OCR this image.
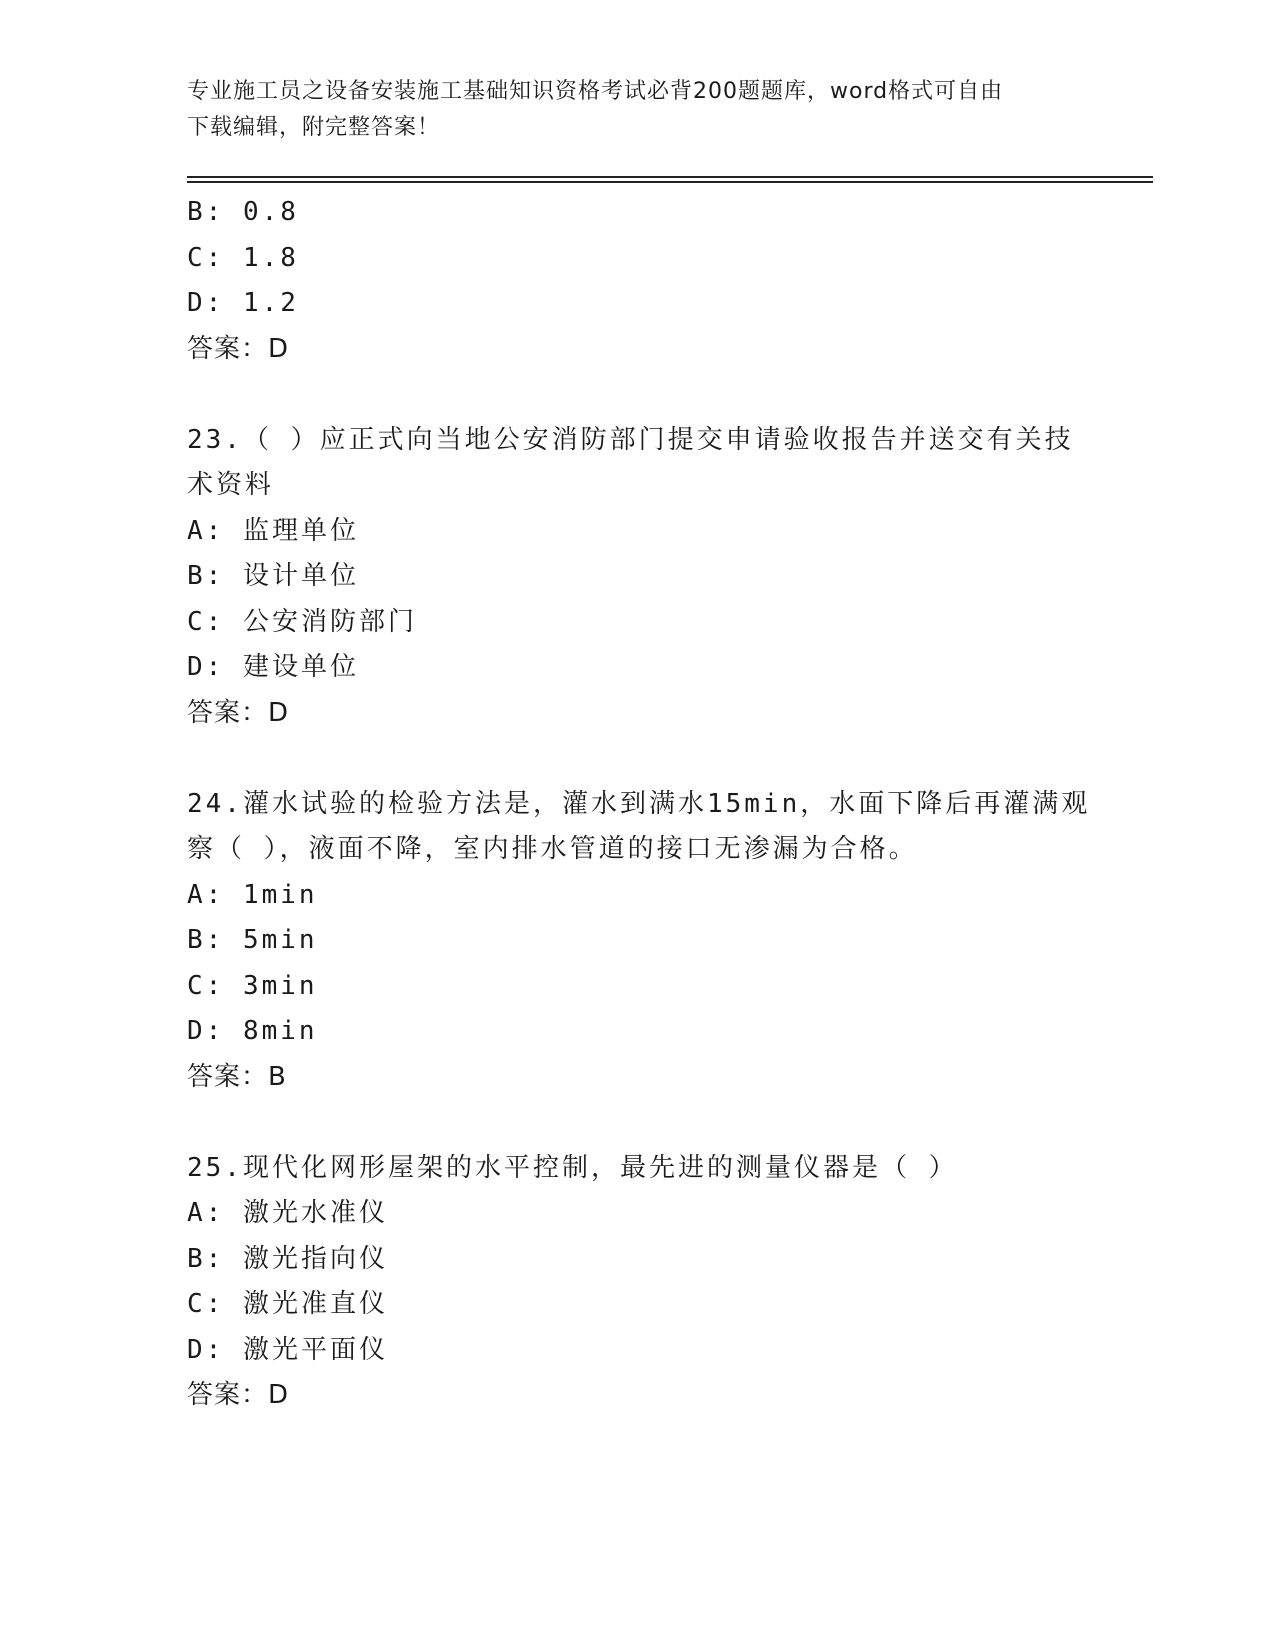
专业施工员之设备安装施工基础知识资格考试必背200题题库，word格式可自由
下载编辑，附完整答案！
B: 0.8
C: 1.8
D: 1.2
答案：D
23.（ ）应正式向当地公安消防部门提交申请验收报告并送交有关技
术资料
A: 监理单位
B: 设计单位
C: 公安消防部门
D: 建设单位
答案：D
24.灌水试验的检验方法是，灌水到满水15min，水面下降后再灌满观
察（ ），液面不降，室内排水管道的接口无渗漏为合格。
A: 1min
B: 5min
C: 3min
D: 8min
答案：B
25.现代化网形屋架的水平控制，最先进的测量仪器是（ ）
A: 激光水准仪
B: 激光指向仪
C: 激光准直仪
D: 激光平面仪
答案：D
